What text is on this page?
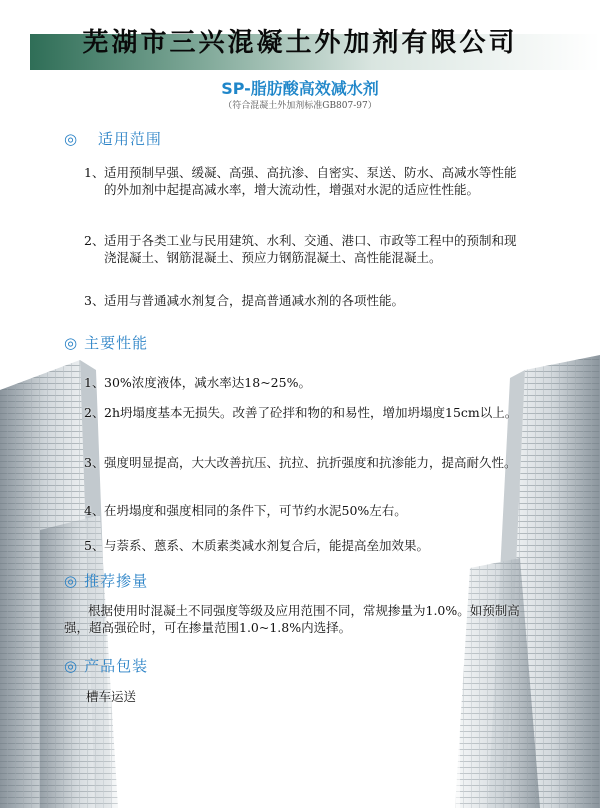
芜湖市三兴混凝土外加剂有限公司
SP-脂肪酸高效减水剂
（符合混凝土外加剂标准GB807-97）
◎ 适用范围
1、 适用预制早强、缓凝、高强、高抗渗、自密实、泵送、防水、高减水等性能的外加剂中起提高减水率，增大流动性，增强对水泥的适应性性能。
2、 适用于各类工业与民用建筑、水利、交通、港口、市政等工程中的预制和现浇混凝土、钢筋混凝土、预应力钢筋混凝土、高性能混凝土。
3、 适用与普通减水剂复合，提高普通减水剂的各项性能。
◎ 主要性能
1、 30%浓度液体，减水率达18~25%。
2、 2h坍塌度基本无损失。改善了砼拌和物的和易性，增加坍塌度15cm以上。
3、 强度明显提高，大大改善抗压、抗拉、抗折强度和抗渗能力，提高耐久性。
4、 在坍塌度和强度相同的条件下，可节约水泥50%左右。
5、 与萘系、蒽系、木质素类减水剂复合后，能提高垒加效果。
◎ 推荐掺量
根据使用时混凝土不同强度等级及应用范围不同，常规掺量为1.0%。如预制高强，超高强砼时，可在掺量范围1.0~1.8%内选择。
◎ 产品包装
槽车运送
